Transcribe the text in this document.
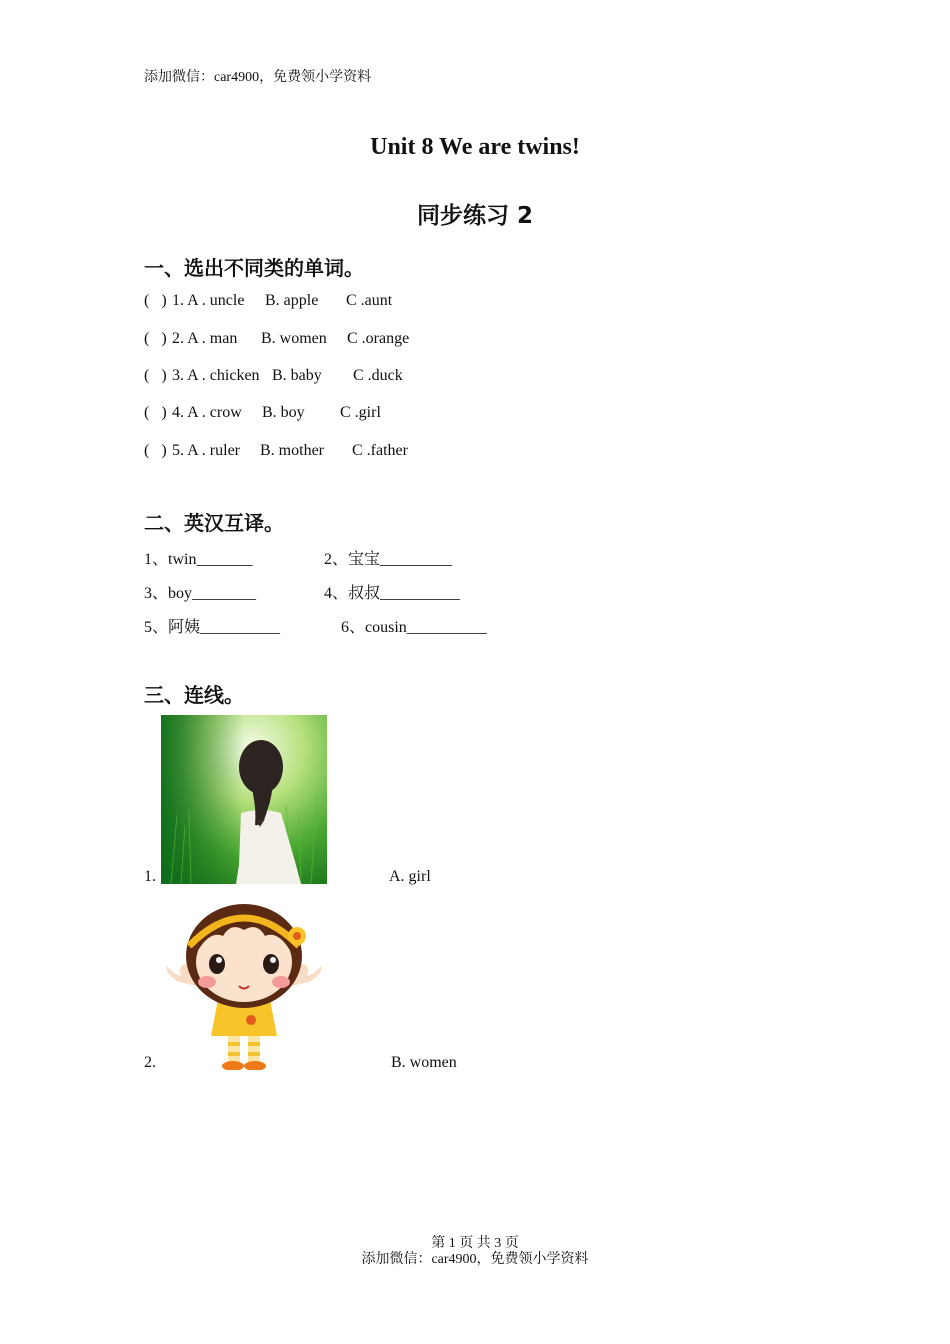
添加微信：car4900，免费领小学资料
Unit 8 We are twins!
同步练习 2
一、选出不同类的单词。
(   ) 1. A . uncle B. apple C .aunt
(   ) 2. A . man B. women C .orange
(   ) 3. A . chicken B. baby C .duck
(   ) 4. A . crow B. boy C .girl
(   ) 5. A . ruler B. mother C .father
二、英汉互译。
1、twin_______	2、宝宝_________
3、boy________	4、叔叔__________
5、阿姨__________	6、cousin__________
三、连线。
1.	A. girl
2.	B. women
第 1 页 共 3 页
添加微信：car4900，免费领小学资料
